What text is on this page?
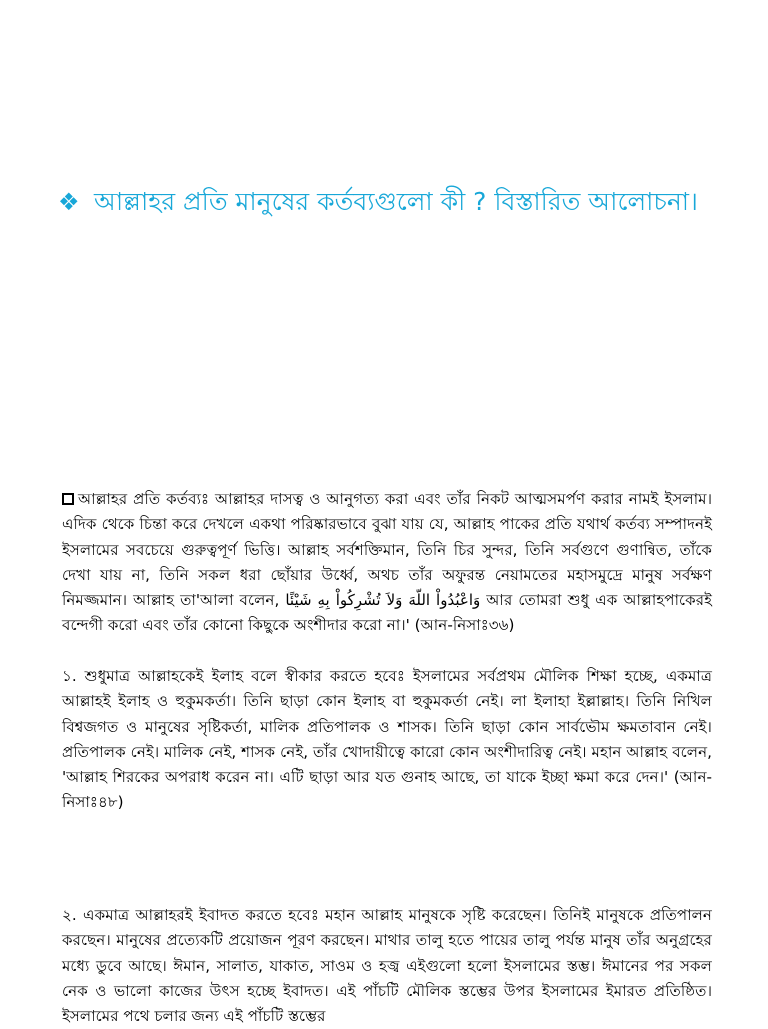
❖ আল্লাহর প্রতি মানুষের কর্তব্যগুলো কী ? বিস্তারিত আলোচনা।

আল্লাহর প্রতি কর্তব্যঃ আল্লাহর দাসত্ব ও আনুগত্য করা এবং তাঁর নিকট আত্মসমর্পণ করার নামই ইসলাম। এদিক থেকে চিন্তা করে দেখলে একথা পরিষ্কারভাবে বুঝা যায় যে, আল্লাহ পাকের প্রতি যথার্থ কর্তব্য সম্পাদনই ইসলামের সবচেয়ে গুরুত্বপূর্ণ ভিত্তি। আল্লাহ সর্বশক্তিমান, তিনি চির সুন্দর, তিনি সর্বগুণে গুণান্বিত, তাঁকে দেখা যায় না, তিনি সকল ধরা ছোঁয়ার উর্ধ্বে, অথচ তাঁর অফুরন্ত নেয়ামতের মহাসমুদ্রে মানুষ সর্বক্ষণ নিমজ্জমান। আল্লাহ তা'আলা বলেন, وَاعْبُدُواْ اللّهَ وَلاَ تُشْرِكُواْ بِهِ شَيْئًا আর তোমরা শুধু এক আল্লাহপাকেরই বন্দেগী করো এবং তাঁর কোনো কিছুকে অংশীদার করো না।' (আন-নিসাঃ৩৬)

১. শুধুমাত্র আল্লাহকেই ইলাহ বলে স্বীকার করতে হবেঃ ইসলামের সর্বপ্রথম মৌলিক শিক্ষা হচ্ছে, একমাত্র আল্লাহই ইলাহ ও হুকুমকর্তা। তিনি ছাড়া কোন ইলাহ বা হুকুমকর্তা নেই। লা ইলাহা ইল্লাল্লাহ। তিনি নিখিল বিশ্বজগত ও মানুষের সৃষ্টিকর্তা, মালিক প্রতিপালক ও শাসক। তিনি ছাড়া কোন সার্বভৌম ক্ষমতাবান নেই। প্রতিপালক নেই। মালিক নেই, শাসক নেই, তাঁর খোদায়ীত্বে কারো কোন অংশীদারিত্ব নেই। মহান আল্লাহ বলেন, 'আল্লাহ শিরকের অপরাধ করেন না। এটি ছাড়া আর যত গুনাহ আছে, তা যাকে ইচ্ছা ক্ষমা করে দেন।' (আন-নিসাঃ৪৮)

২. একমাত্র আল্লাহরই ইবাদত করতে হবেঃ মহান আল্লাহ মানুষকে সৃষ্টি করেছেন। তিনিই মানুষকে প্রতিপালন করছেন। মানুষের প্রত্যেকটি প্রয়োজন পূরণ করছেন। মাথার তালু হতে পায়ের তালু পর্যন্ত মানুষ তাঁর অনুগ্রহের মধ্যে ডুবে আছে। ঈমান, সালাত, যাকাত, সাওম ও হজ্ব এইগুলো হলো ইসলামের স্তম্ভ। ঈমানের পর সকল নেক ও ভালো কাজের উৎস হচ্ছে ইবাদত। এই পাঁচটি মৌলিক স্তম্ভের উপর ইসলামের ইমারত প্রতিষ্ঠিত। ইসলামের পথে চলার জন্য এই পাঁচটি স্তম্ভের
